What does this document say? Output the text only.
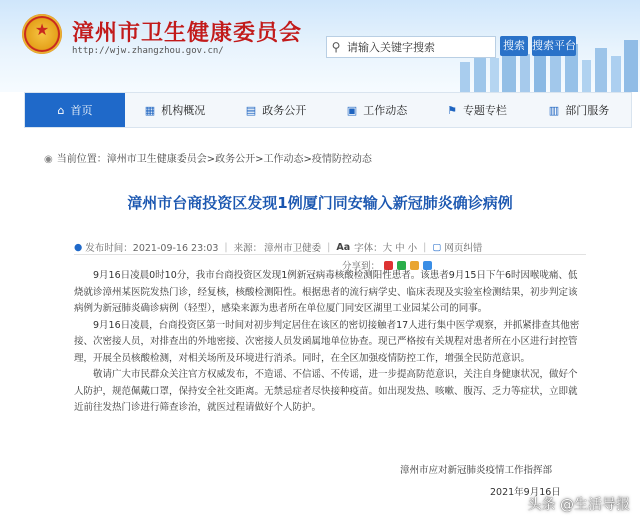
★	漳州市卫生健康委员会
http://wjw.zhangzhou.gov.cn/	⚲
请输入关键字搜索	搜索 搜索平台
⌂ 首页	▦ 机构概况	▤ 政务公开	▣ 工作动态	⚑ 专题专栏	▥ 部门服务
◉ 当前位置：漳州市卫生健康委员会>政务公开>工作动态>疫情防控动态
漳州市台商投资区发现1例厦门同安输入新冠肺炎确诊病例
● 发布时间：2021-09-16 23:03 | 来源： 漳州市卫健委 | Aa 字体： 大 中 小 | ▢ 网页纠错
分享到：

9月16日凌晨0时10分，我市台商投资区发现1例新冠病毒核酸检测阳性患者。该患者9月15日下午6时因喉咙痛、低烧就诊漳州某医院发热门诊，经复核，核酸检测阳性。根据患者的流行病学史、临床表现及实验室检测结果，初步判定该病例为新冠肺炎确诊病例（轻型），感染来源为患者所在单位厦门同安区湖里工业园某公司的同事。

9月16日凌晨，台商投资区第一时间对初步判定居住在该区的密切接触者17人进行集中医学观察，并抓紧排查其他密接、次密接人员，对排查出的外地密接、次密接人员发函属地单位协查。现已严格按有关规程对患者所在小区进行封控管理，开展全员核酸检测，对相关场所及环境进行消杀。同时，在全区加强疫情防控工作，增强全民防范意识。

敬请广大市民群众关注官方权威发布，不造谣、不信谣、不传谣，进一步提高防范意识，关注自身健康状况，做好个人防护，规范佩戴口罩，保持安全社交距离。无禁忌症者尽快接种疫苗。如出现发热、咳嗽、腹泻、乏力等症状，立即就近前往发热门诊进行筛查诊治，就医过程请做好个人防护。

漳州市应对新冠肺炎疫情工作指挥部
2021年9月16日
头条 @生活导报
